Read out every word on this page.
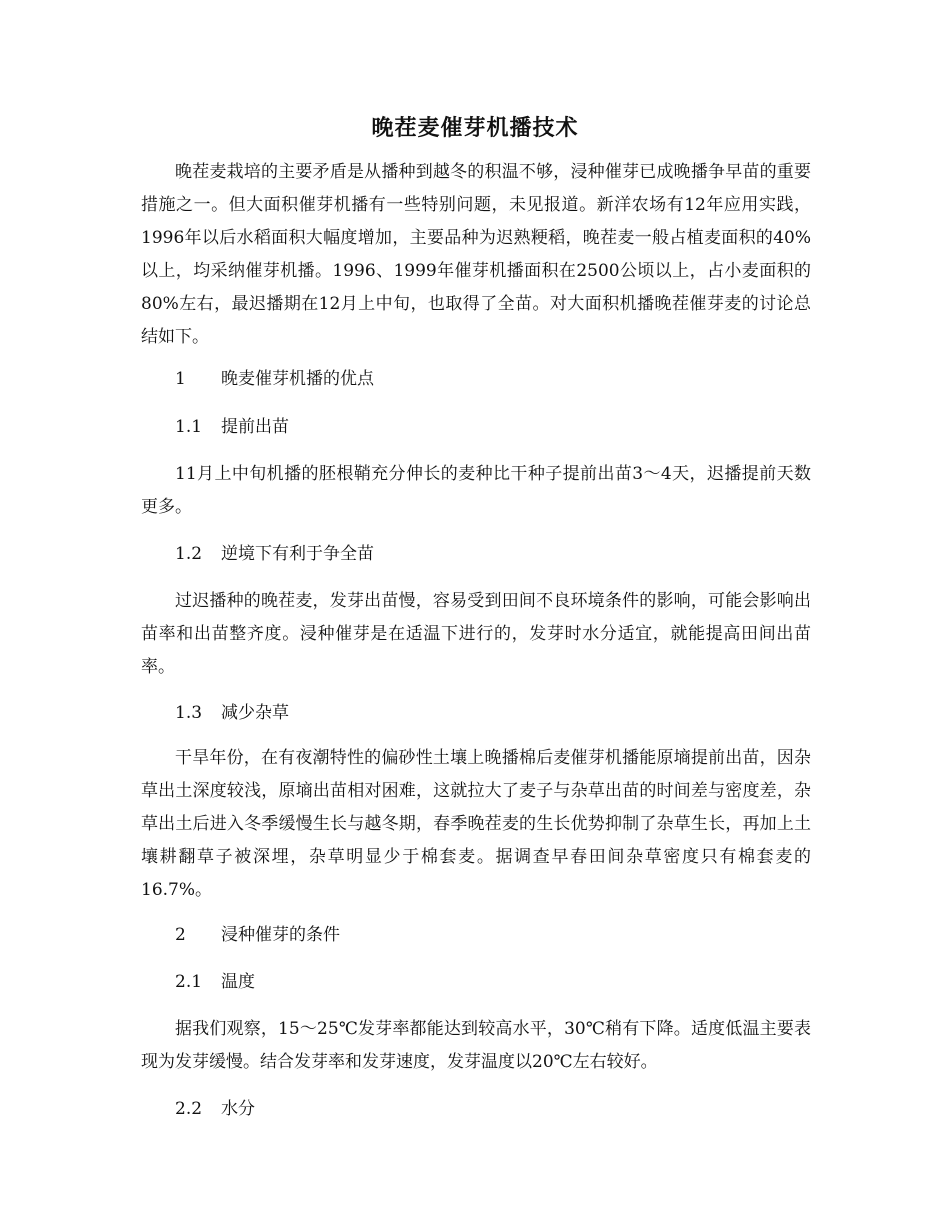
晚茬麦催芽机播技术

晚茬麦栽培的主要矛盾是从播种到越冬的积温不够，浸种催芽已成晚播争早苗的重要措施之一。但大面积催芽机播有一些特别问题，未见报道。新洋农场有12年应用实践，1996年以后水稻面积大幅度增加，主要品种为迟熟粳稻，晚茬麦一般占植麦面积的40%以上，均采纳催芽机播。1996、1999年催芽机播面积在2500公顷以上，占小麦面积的80%左右，最迟播期在12月上中旬，也取得了全苗。对大面积机播晚茬催芽麦的讨论总结如下。

1 晚麦催芽机播的优点
1.1 提前出苗

11月上中旬机播的胚根鞘充分伸长的麦种比干种子提前出苗3～4天，迟播提前天数更多。

1.2 逆境下有利于争全苗

过迟播种的晚茬麦，发芽出苗慢，容易受到田间不良环境条件的影响，可能会影响出苗率和出苗整齐度。浸种催芽是在适温下进行的，发芽时水分适宜，就能提高田间出苗率。

1.3 减少杂草

干旱年份，在有夜潮特性的偏砂性土壤上晚播棉后麦催芽机播能原墒提前出苗，因杂草出土深度较浅，原墒出苗相对困难，这就拉大了麦子与杂草出苗的时间差与密度差，杂草出土后进入冬季缓慢生长与越冬期，春季晚茬麦的生长优势抑制了杂草生长，再加上土壤耕翻草子被深埋，杂草明显少于棉套麦。据调查早春田间杂草密度只有棉套麦的16.7%。

2 浸种催芽的条件
2.1 温度

据我们观察，15～25℃发芽率都能达到较高水平，30℃稍有下降。适度低温主要表现为发芽缓慢。结合发芽率和发芽速度，发芽温度以20℃左右较好。

2.2 水分
